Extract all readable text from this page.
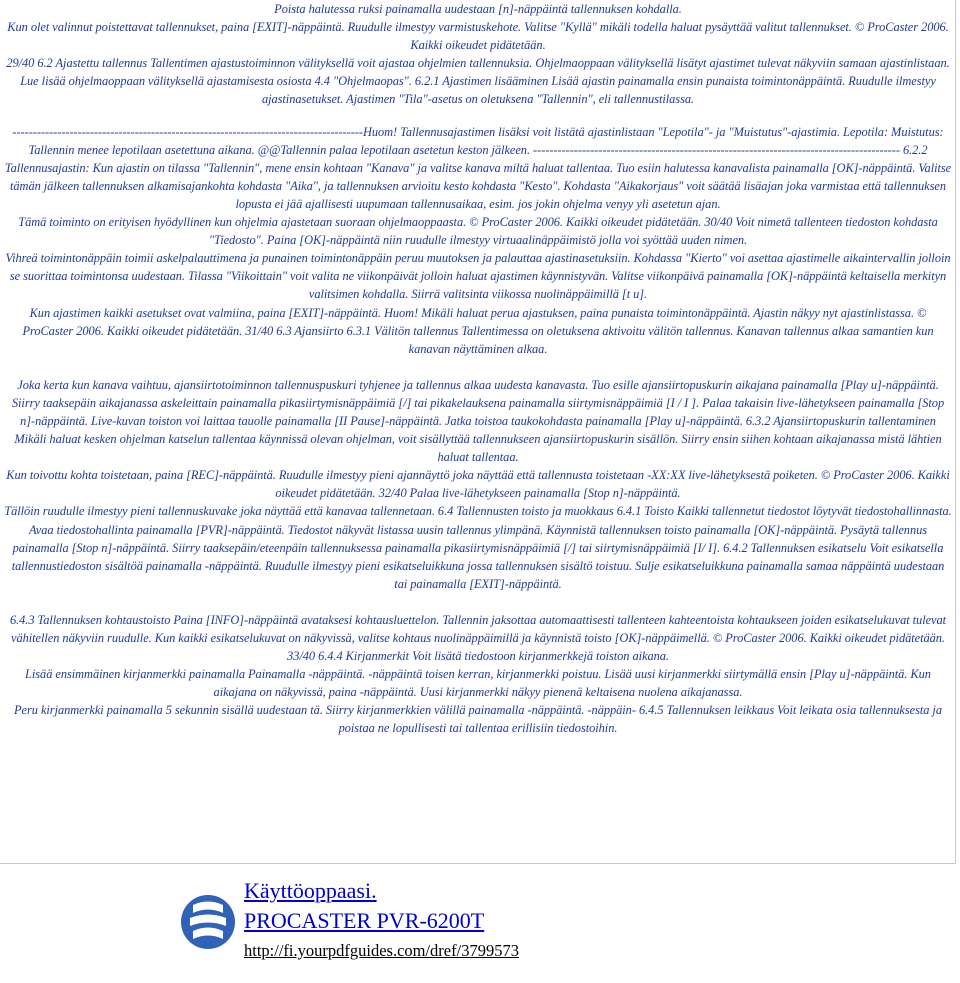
Poista halutessa ruksi painamalla uudestaan [n]-näppäintä tallennuksen kohdalla.

Kun olet valinnut poistettavat tallennukset, paina [EXIT]-näppäintä. Ruudulle ilmestyy varmistuskehote. Valitse "Kyllä" mikäli todella haluat pysäyttää valitut tallennukset. © ProCaster 2006. Kaikki oikeudet pidätetään.

29/40 6.2 Ajastettu tallennus Tallentimen ajastustoiminnon välityksellä voit ajastaa ohjelmien tallennuksia. Ohjelmaoppaan välityksellä lisätyt ajastimet tulevat näkyviin samaan ajastinlistaan. Lue lisää ohjelmaoppaan välityksellä ajastamisesta osiosta 4.4 "Ohjelmaopas". 6.2.1 Ajastimen lisääminen Lisää ajastin painamalla ensin punaista toimintonäppäintä. Ruudulle ilmestyy ajastinasetukset. Ajastimen "Tila"-asetus on oletuksena "Tallennin", eli tallennustilassa.

--------------------------------------------------------------------------------------Huom! Tallennusajastimen lisäksi voit listätä ajastinlistaan "Lepotila"- ja "Muistutus"-ajastimia. Lepotila: Muistutus: Tallennin menee lepotilaan asetettuna aikana. @@Tallennin palaa lepotilaan asetetun keston jälkeen. ------------------------------------------------------------------------------------------ 6.2.2 Tallennusajastin: Kun ajastin on tilassa "Tallennin", mene ensin kohtaan "Kanava" ja valitse kanava miltä haluat tallentaa. Tuo esiin halutessa kanavalista painamalla [OK]-näppäintä. Valitse tämän jälkeen tallennuksen alkamisajankohta kohdasta "Aika", ja tallennuksen arvioitu kesto kohdasta "Kesto". Kohdasta "Aikakorjaus" voit säätää lisäajan joka varmistaa että tallennuksen lopusta ei jää ajallisesti uupumaan tallennusaikaa, esim. jos jokin ohjelma venyy yli asetetun ajan.

Tämä toiminto on erityisen hyödyllinen kun ohjelmia ajastetaan suoraan ohjelmaoppaasta. © ProCaster 2006. Kaikki oikeudet pidätetään. 30/40 Voit nimetä tallenteen tiedoston kohdasta "Tiedosto". Paina [OK]-näppäintä niin ruudulle ilmestyy virtuaalinäppäimistö jolla voi syöttää uuden nimen.

Vihreä toimintonäppäin toimii askelpalauttimena ja punainen toimintonäppäin peruu muutoksen ja palauttaa ajastinasetuksiin. Kohdassa "Kierto" voi asettaa ajastimelle aikaintervallin jolloin se suorittaa toimintonsa uudestaan. Tilassa "Viikoittain" voit valita ne viikonpäivät jolloin haluat ajastimen käynnistyvän. Valitse viikonpäivä painamalla [OK]-näppäintä keltaisella merkityn valitsimen kohdalla. Siirrä valitsinta viikossa nuolinäppäimillä [t u].

Kun ajastimen kaikki asetukset ovat valmiina, paina [EXIT]-näppäintä. Huom! Mikäli haluat perua ajastuksen, paina punaista toimintonäppäintä. Ajastin näkyy nyt ajastinlistassa. © ProCaster 2006. Kaikki oikeudet pidätetään. 31/40 6.3 Ajansiirto 6.3.1 Välitön tallennus Tallentimessa on oletuksena aktivoitu välitön tallennus. Kanavan tallennus alkaa samantien kun kanavan näyttäminen alkaa.

Joka kerta kun kanava vaihtuu, ajansiirtotoiminnon tallennuspuskuri tyhjenee ja tallennus alkaa uudesta kanavasta. Tuo esille ajansiirtopuskurin aikajana painamalla [Play u]-näppäintä. Siirry taaksepäin aikajanassa askeleittain painamalla pikasiirtymisnäppäimiä [/] tai pikakelauksena painamalla siirtymisnäppäimiä [I / I ]. Palaa takaisin live-lähetykseen painamalla [Stop n]-näppäintä. Live-kuvan toiston voi laittaa tauolle painamalla [II Pause]-näppäintä. Jatka toistoa taukokohdasta painamalla [Play u]-näppäintä. 6.3.2 Ajansiirtopuskurin tallentaminen Mikäli haluat kesken ohjelman katselun tallentaa käynnissä olevan ohjelman, voit sisällyttää tallennukseen ajansiirtopuskurin sisällön. Siirry ensin siihen kohtaan aikajanassa mistä lähtien haluat tallentaa.

Kun toivottu kohta toistetaan, paina [REC]-näppäintä. Ruudulle ilmestyy pieni ajannäyttö joka näyttää että tallennusta toistetaan -XX:XX live-lähetyksestä poiketen. © ProCaster 2006. Kaikki oikeudet pidätetään. 32/40 Palaa live-lähetykseen painamalla [Stop n]-näppäintä.

Tällöin ruudulle ilmestyy pieni tallennuskuvake joka näyttää että kanavaa tallennetaan. 6.4 Tallennusten toisto ja muokkaus 6.4.1 Toisto Kaikki tallennetut tiedostot löytyvät tiedostohallinnasta.

Avaa tiedostohallinta painamalla [PVR]-näppäintä. Tiedostot näkyvät listassa uusin tallennus ylimpänä. Käynnistä tallennuksen toisto painamalla [OK]-näppäintä. Pysäytä tallennus painamalla [Stop n]-näppäintä. Siirry taaksepäin/eteenpäin tallennuksessa painamalla pikasiirtymisnäppäimiä [/] tai siirtymisnäppäimiä [I/ I]. 6.4.2 Tallennuksen esikatselu Voit esikatsella tallennustiedoston sisältöä painamalla -näppäintä. Ruudulle ilmestyy pieni esikatseluikkuna jossa tallennuksen sisältö toistuu. Sulje esikatseluikkuna painamalla samaa näppäintä uudestaan tai painamalla [EXIT]-näppäintä.

6.4.3 Tallennuksen kohtaustoisto Paina [INFO]-näppäintä avataksesi kohtausluettelon. Tallennin jaksottaa automaattisesti tallenteen kahteentoista kohtaukseen joiden esikatselukuvat tulevat vähitellen näkyviin ruudulle. Kun kaikki esikatselukuvat on näkyvissä, valitse kohtaus nuolinäppäimillä ja käynnistä toisto [OK]-näppäimellä. © ProCaster 2006. Kaikki oikeudet pidätetään. 33/40 6.4.4 Kirjanmerkit Voit lisätä tiedostoon kirjanmerkkejä toiston aikana.

Lisää ensimmäinen kirjanmerkki painamalla Painamalla -näppäintä. -näppäintä toisen kerran, kirjanmerkki poistuu. Lisää uusi kirjanmerkki siirtymällä ensin [Play u]-näppäintä. Kun aikajana on näkyvissä, paina -näppäintä. Uusi kirjanmerkki näkyy pienenä keltaisena nuolena aikajanassa.

Peru kirjanmerkki painamalla 5 sekunnin sisällä uudestaan tä. Siirry kirjanmerkkien välillä painamalla -näppäintä. -näppäin- 6.4.5 Tallennuksen leikkaus Voit leikata osia tallennuksesta ja poistaa ne lopullisesti tai tallentaa erillisiin tiedostoihin.

Käyttöoppaasi.
PROCASTER PVR-6200T
http://fi.yourpdfguides.com/dref/3799573
